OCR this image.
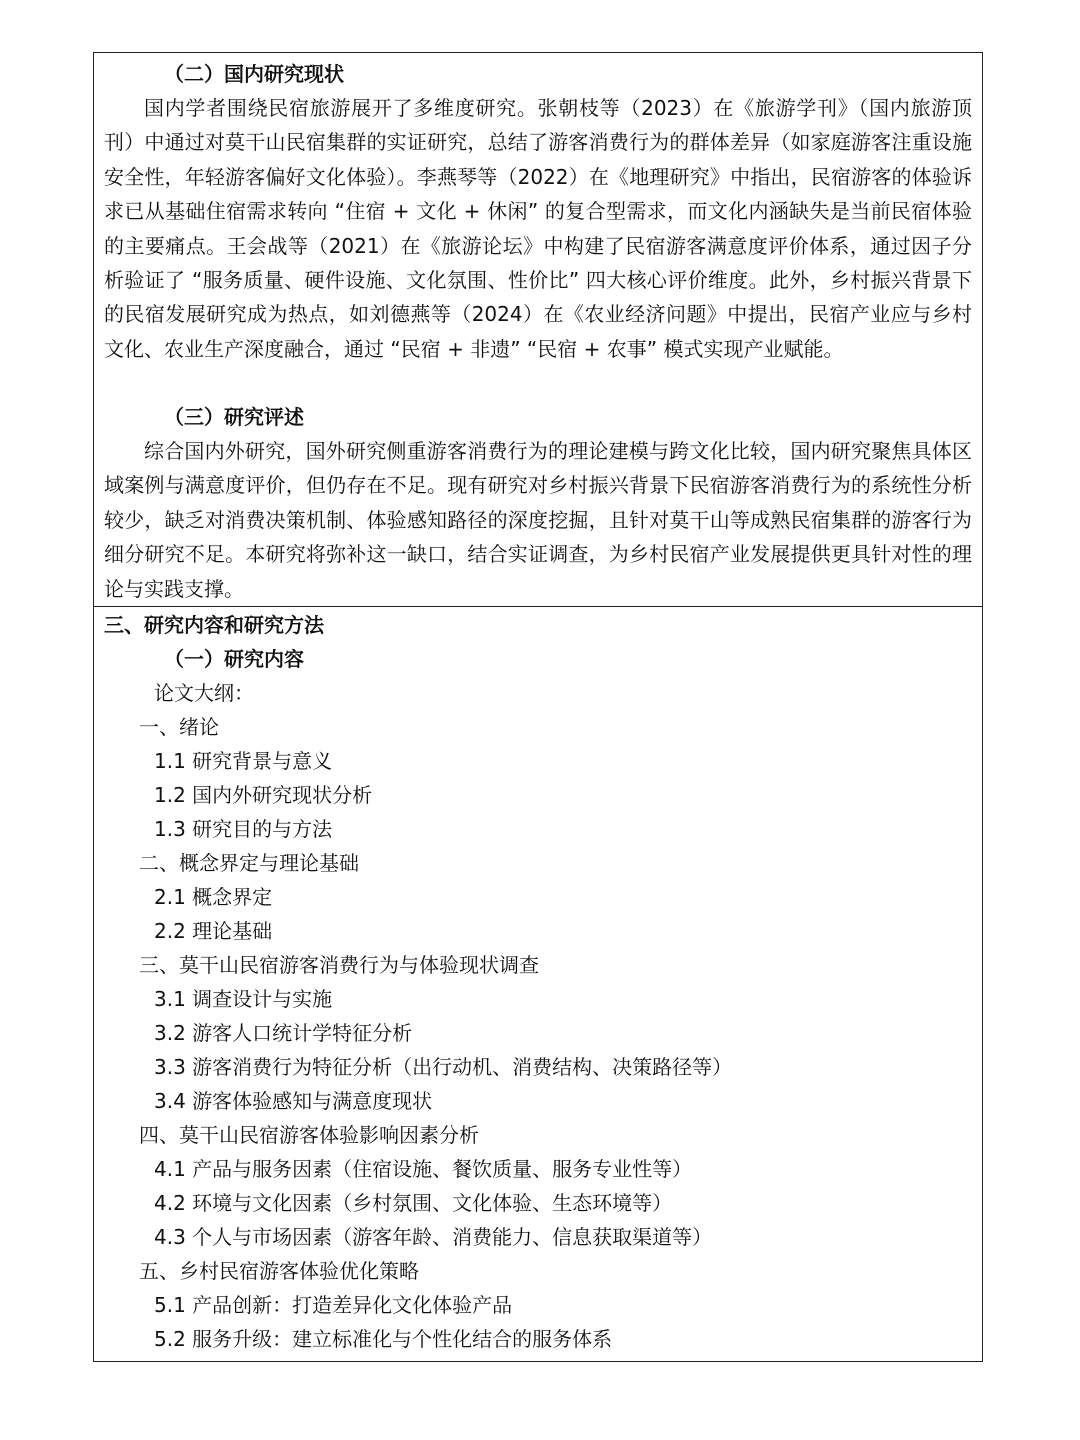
（二）国内研究现状

国内学者围绕民宿旅游展开了多维度研究。张朝枝等（2023）在《旅游学刊》（国内旅游顶刊）中通过对莫干山民宿集群的实证研究，总结了游客消费行为的群体差异（如家庭游客注重设施安全性，年轻游客偏好文化体验）。李燕琴等（2022）在《地理研究》中指出，民宿游客的体验诉求已从基础住宿需求转向 “住宿 + 文化 + 休闲” 的复合型需求，而文化内涵缺失是当前民宿体验的主要痛点。王会战等（2021）在《旅游论坛》中构建了民宿游客满意度评价体系，通过因子分析验证了 “服务质量、硬件设施、文化氛围、性价比” 四大核心评价维度。此外，乡村振兴背景下的民宿发展研究成为热点，如刘德燕等（2024）在《农业经济问题》中提出，民宿产业应与乡村文化、农业生产深度融合，通过 “民宿 + 非遗” “民宿 + 农事” 模式实现产业赋能。

（三）研究评述

综合国内外研究，国外研究侧重游客消费行为的理论建模与跨文化比较，国内研究聚焦具体区域案例与满意度评价，但仍存在不足。现有研究对乡村振兴背景下民宿游客消费行为的系统性分析较少，缺乏对消费决策机制、体验感知路径的深度挖掘，且针对莫干山等成熟民宿集群的游客行为细分研究不足。本研究将弥补这一缺口，结合实证调查，为乡村民宿产业发展提供更具针对性的理论与实践支撑。

三、研究内容和研究方法
（一）研究内容
论文大纲：
一、绪论
1.1 研究背景与意义
1.2 国内外研究现状分析
1.3 研究目的与方法
二、概念界定与理论基础
2.1 概念界定
2.2 理论基础
三、莫干山民宿游客消费行为与体验现状调查
3.1 调查设计与实施
3.2 游客人口统计学特征分析
3.3 游客消费行为特征分析（出行动机、消费结构、决策路径等）
3.4 游客体验感知与满意度现状
四、莫干山民宿游客体验影响因素分析
4.1 产品与服务因素（住宿设施、餐饮质量、服务专业性等）
4.2 环境与文化因素（乡村氛围、文化体验、生态环境等）
4.3 个人与市场因素（游客年龄、消费能力、信息获取渠道等）
五、乡村民宿游客体验优化策略
5.1 产品创新：打造差异化文化体验产品
5.2 服务升级：建立标准化与个性化结合的服务体系
